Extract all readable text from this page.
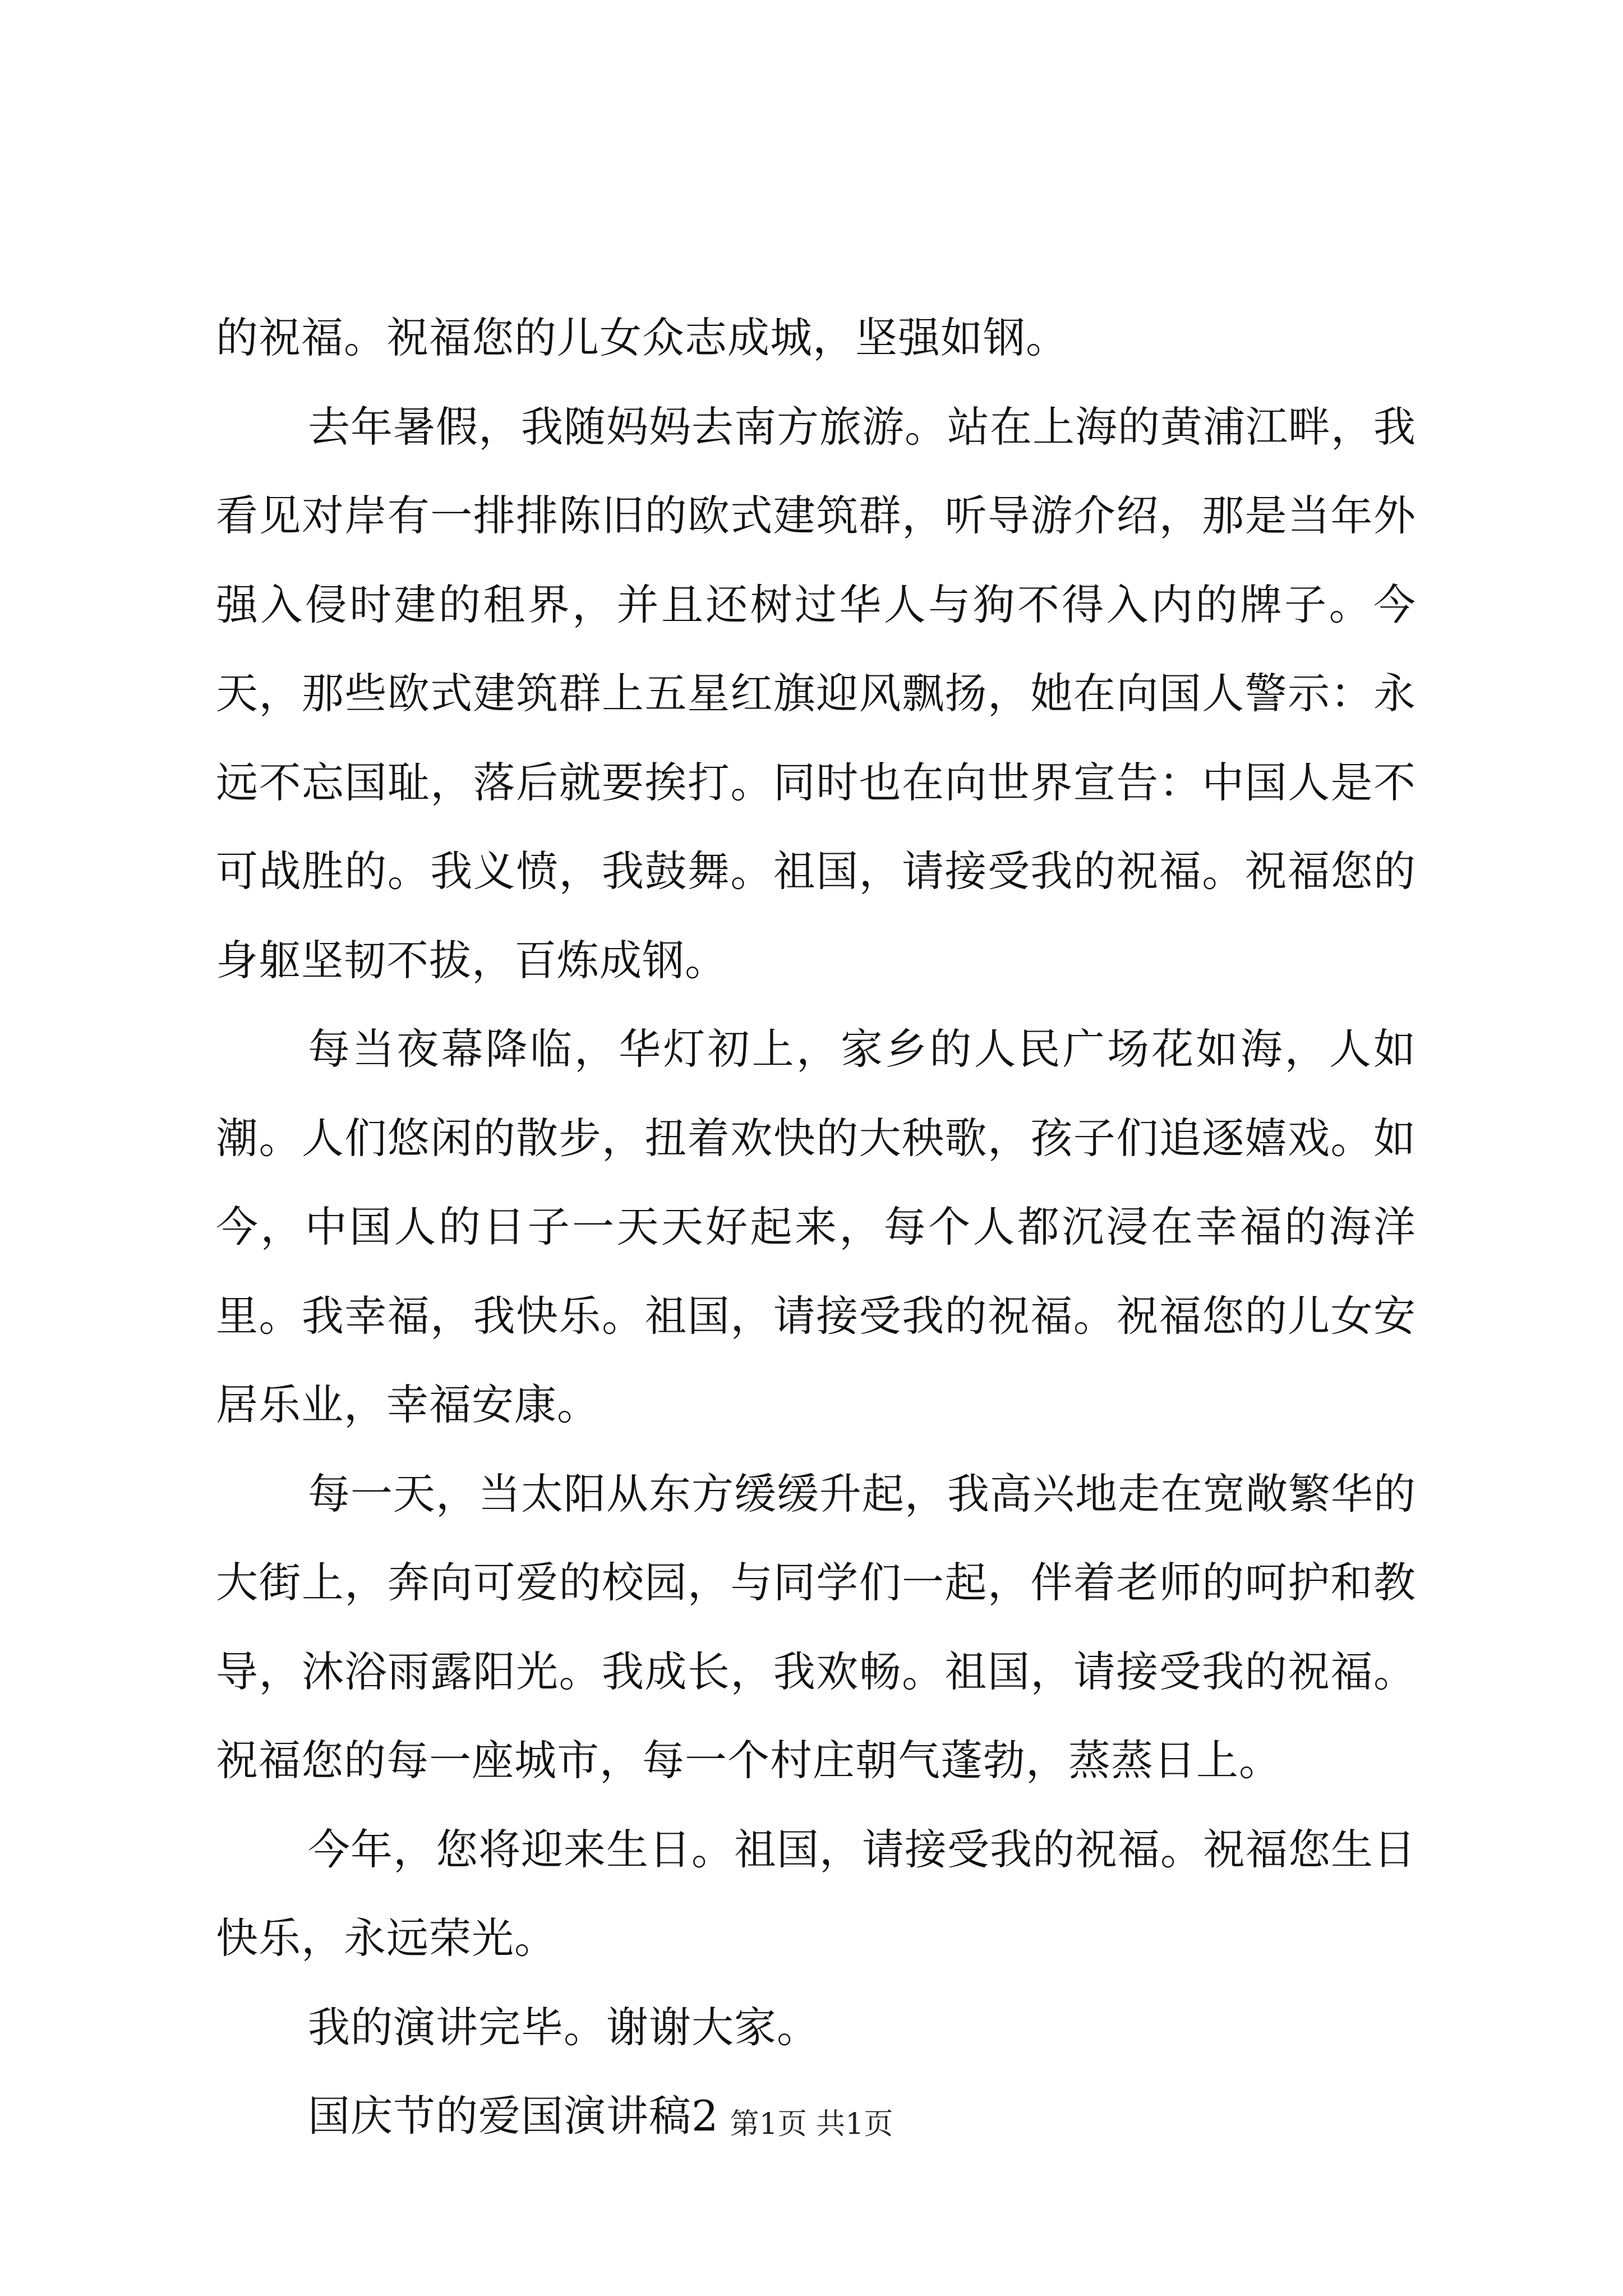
的祝福。祝福您的儿女众志成城，坚强如钢。

去年暑假，我随妈妈去南方旅游。站在上海的黄浦江畔，我看见对岸有一排排陈旧的欧式建筑群，听导游介绍，那是当年外强入侵时建的租界，并且还树过华人与狗不得入内的牌子。今天，那些欧式建筑群上五星红旗迎风飘扬，她在向国人警示：永远不忘国耻，落后就要挨打。同时也在向世界宣告：中国人是不可战胜的。我义愤，我鼓舞。祖国，请接受我的祝福。祝福您的身躯坚韧不拔，百炼成钢。

每当夜幕降临，华灯初上，家乡的人民广场花如海，人如潮。人们悠闲的散步，扭着欢快的大秧歌，孩子们追逐嬉戏。如今，中国人的日子一天天好起来，每个人都沉浸在幸福的海洋里。我幸福，我快乐。祖国，请接受我的祝福。祝福您的儿女安居乐业，幸福安康。

每一天，当太阳从东方缓缓升起，我高兴地走在宽敞繁华的大街上，奔向可爱的校园，与同学们一起，伴着老师的呵护和教导，沐浴雨露阳光。我成长，我欢畅。祖国，请接受我的祝福。祝福您的每一座城市，每一个村庄朝气蓬勃，蒸蒸日上。

今年，您将迎来生日。祖国，请接受我的祝福。祝福您生日快乐，永远荣光。

我的演讲完毕。谢谢大家。

国庆节的爱国演讲稿2 第1页 共1页
